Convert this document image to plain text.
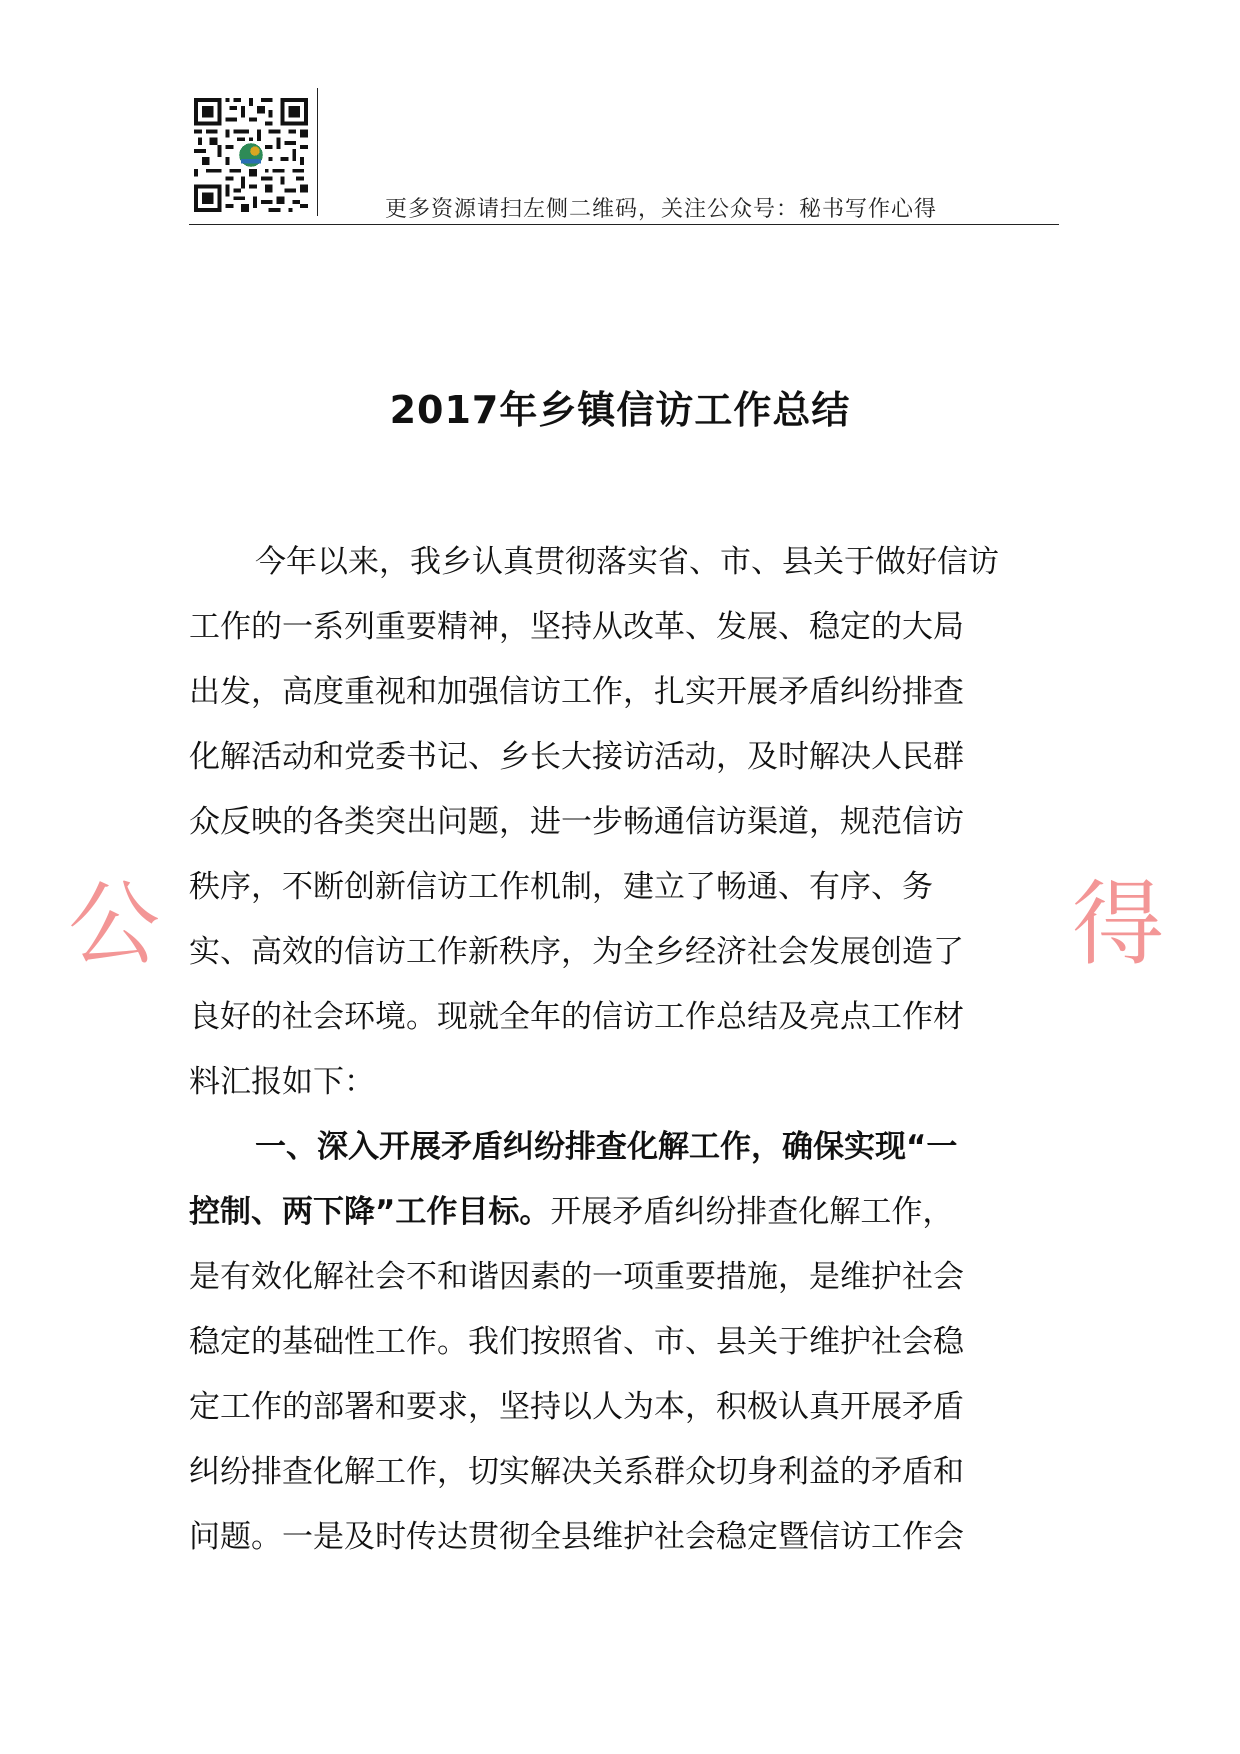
更多资源请扫左侧二维码，关注公众号：秘书写作心得
2017年乡镇信访工作总结
今年以来，我乡认真贯彻落实省、市、县关于做好信访
工作的一系列重要精神，坚持从改革、发展、稳定的大局
出发，高度重视和加强信访工作，扎实开展矛盾纠纷排查
化解活动和党委书记、乡长大接访活动，及时解决人民群
众反映的各类突出问题，进一步畅通信访渠道，规范信访
秩序，不断创新信访工作机制，建立了畅通、有序、务
实、高效的信访工作新秩序，为全乡经济社会发展创造了
良好的社会环境。现就全年的信访工作总结及亮点工作材
料汇报如下：
一、深入开展矛盾纠纷排查化解工作，确保实现“一
控制、两下降”工作目标。开展矛盾纠纷排查化解工作，
是有效化解社会不和谐因素的一项重要措施，是维护社会
稳定的基础性工作。我们按照省、市、县关于维护社会稳
定工作的部署和要求，坚持以人为本，积极认真开展矛盾
纠纷排查化解工作，切实解决关系群众切身利益的矛盾和
问题。一是及时传达贯彻全县维护社会稳定暨信访工作会
公	得
